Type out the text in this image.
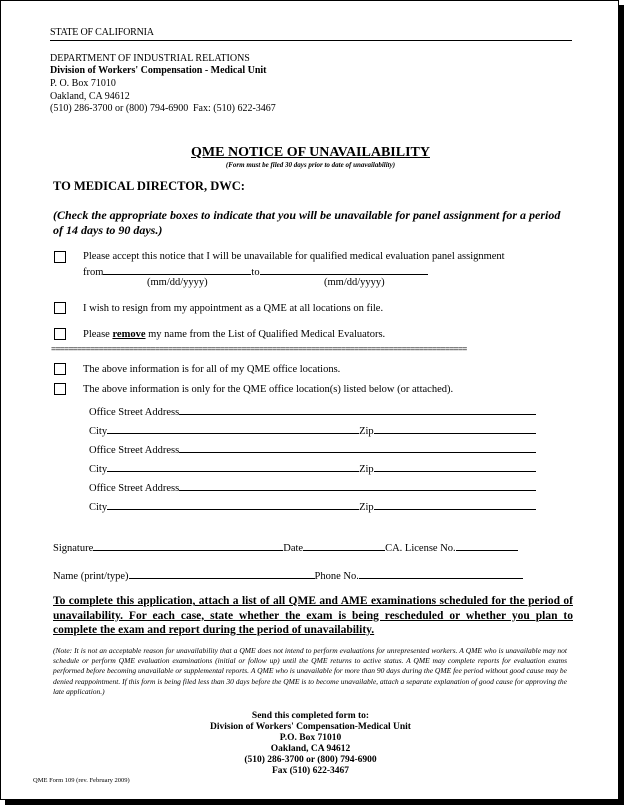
STATE OF CALIFORNIA
DEPARTMENT OF INDUSTRIAL RELATIONS
Division of Workers' Compensation - Medical Unit
P. O. Box 71010
Oakland, CA 94612
(510) 286-3700 or (800) 794-6900 Fax: (510) 622-3467
QME NOTICE OF UNAVAILABILITY
(Form must be filed 30 days prior to date of unavailability)
TO MEDICAL DIRECTOR, DWC:
(Check the appropriate boxes to indicate that you will be unavailable for panel assignment for a period of 14 days to 90 days.)
Please accept this notice that I will be unavailable for qualified medical evaluation panel assignment
from	to
(mm/dd/yyyy)	(mm/dd/yyyy)
I wish to resign from my appointment as a QME at all locations on file.
Please remove my name from the List of Qualified Medical Evaluators.
================================================================================================
The above information is for all of my QME office locations.
The above information is only for the QME office location(s) listed below (or attached).
Office Street Address
City	Zip
Office Street Address
City	Zip
Office Street Address
City	Zip
Signature	Date	CA. License No.
Name (print/type)	Phone No.
To complete this application, attach a list of all QME and AME examinations scheduled for the period of unavailability. For each case, state whether the exam is being rescheduled or whether you plan to complete the exam and report during the period of unavailability.
(Note: It is not an acceptable reason for unavailability that a QME does not intend to perform evaluations for unrepresented workers. A QME who is unavailable may not schedule or perform QME evaluation examinations (initial or follow up) until the QME returns to active status. A QME may complete reports for evaluation exams performed before becoming unavailable or supplemental reports. A QME who is unavailable for more than 90 days during the QME fee period without good cause may be denied reappointment. If this form is being filed less than 30 days before the QME is to become unavailable, attach a separate explanation of good cause for approving the late application.)
Send this completed form to:
Division of Workers' Compensation-Medical Unit
P.O. Box 71010
Oakland, CA 94612
(510) 286-3700 or (800) 794-6900
Fax (510) 622-3467
QME Form 109 (rev. February 2009)
